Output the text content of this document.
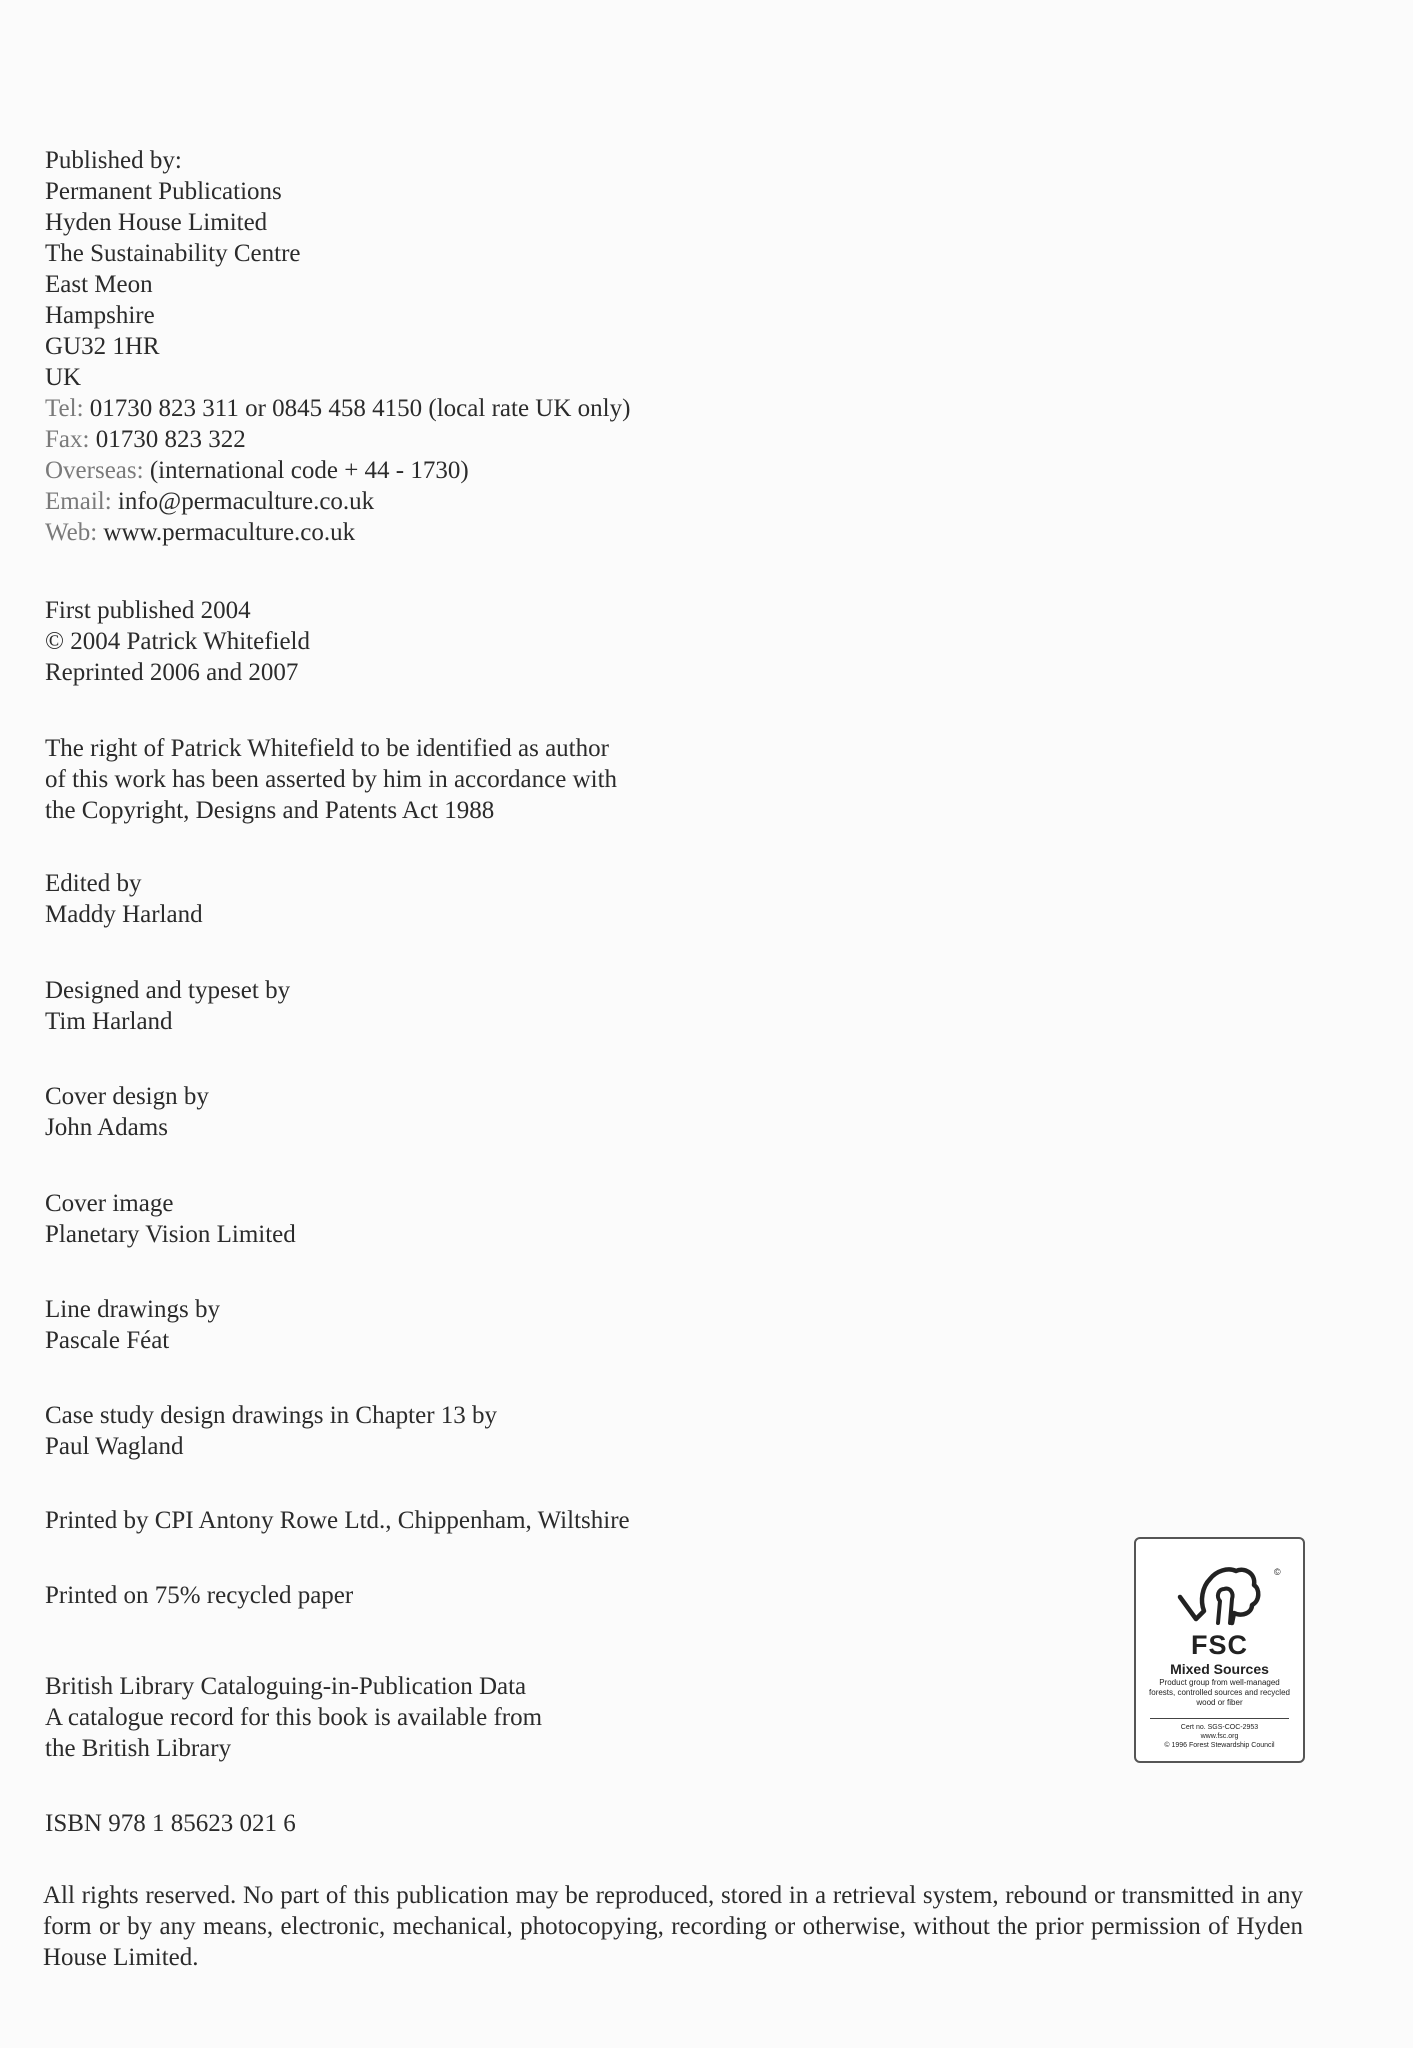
Published by:
Permanent Publications
Hyden House Limited
The Sustainability Centre
East Meon
Hampshire
GU32 1HR
UK
Tel: 01730 823 311 or 0845 458 4150 (local rate UK only)
Fax: 01730 823 322
Overseas: (international code + 44 - 1730)
Email: info@permaculture.co.uk
Web: www.permaculture.co.uk
First published 2004
© 2004 Patrick Whitefield
Reprinted 2006 and 2007
The right of Patrick Whitefield to be identified as author
of this work has been asserted by him in accordance with
the Copyright, Designs and Patents Act 1988
Edited by
Maddy Harland
Designed and typeset by
Tim Harland
Cover design by
John Adams
Cover image
Planetary Vision Limited
Line drawings by
Pascale Féat
Case study design drawings in Chapter 13 by
Paul Wagland
Printed by CPI Antony Rowe Ltd., Chippenham, Wiltshire
Printed on 75% recycled paper
British Library Cataloguing-in-Publication Data
A catalogue record for this book is available from
the British Library
ISBN 978 1 85623 021 6
All rights reserved. No part of this publication may be reproduced, stored in a retrieval system, rebound or transmitted in any form or by any means, electronic, mechanical, photocopying, recording or otherwise, without the prior permission of Hyden House Limited.
©
FSC
Mixed Sources
Product group from well-managed forests, controlled sources and recycled wood or fiber
Cert no. SGS-COC-2953
www.fsc.org
© 1996 Forest Stewardship Council
